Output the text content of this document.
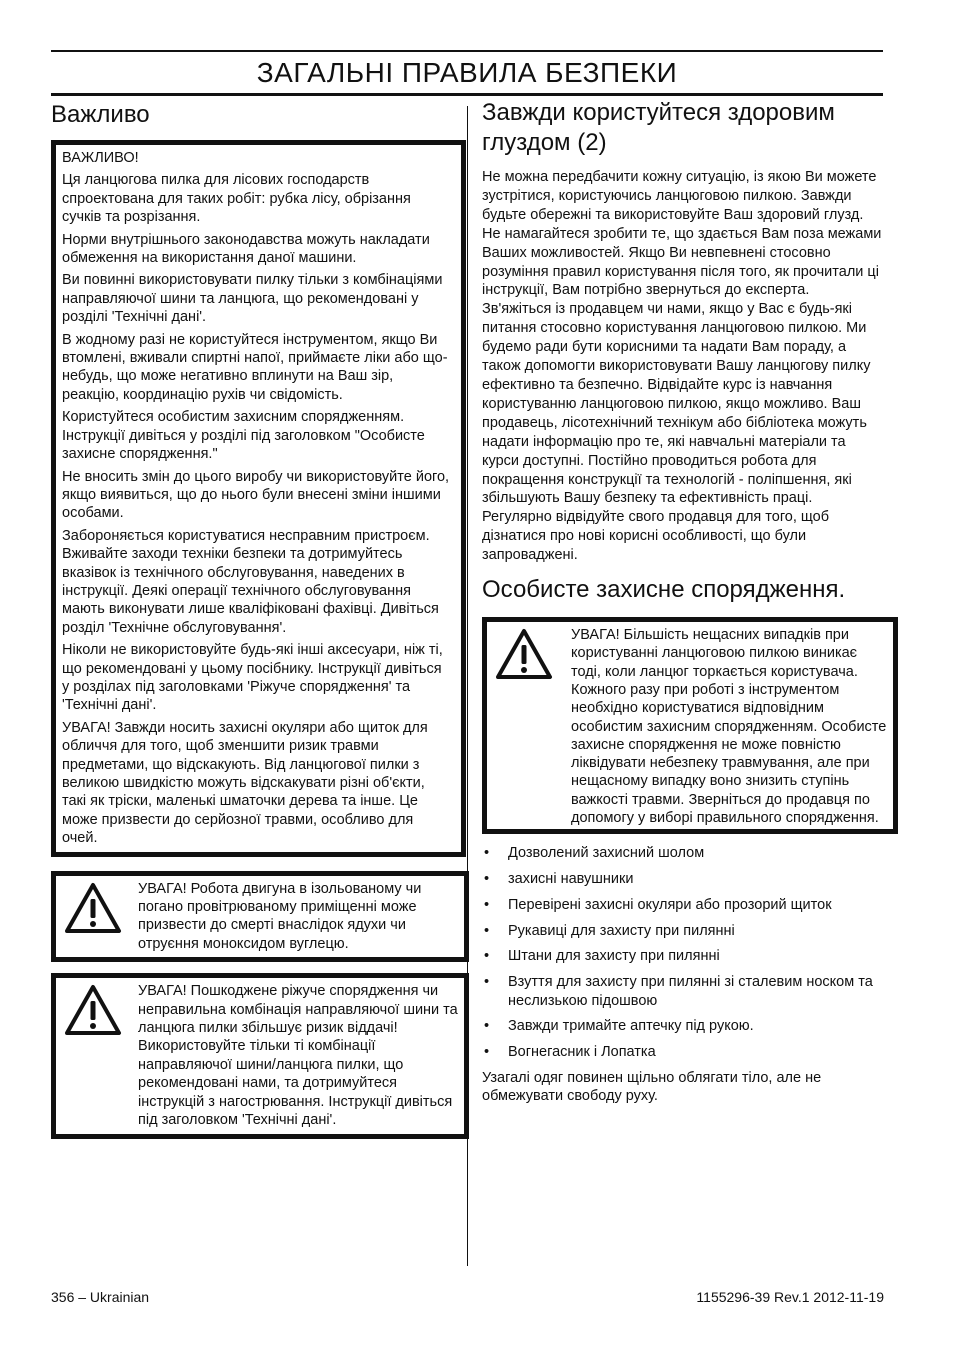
ЗАГАЛЬНІ ПРАВИЛА БЕЗПЕКИ
Важливо

ВАЖЛИВО!

Ця ланцюгова пилка для лісових господарств спроектована для таких робіт: рубка лісу, обрізання сучків та розрізання.

Норми внутрішнього законодавства можуть накладати обмеження на використання даної машини.

Ви повинні використовувати пилку тільки з комбінаціями направляючої шини та ланцюга, що рекомендовані у розділі 'Технічні дані'.

В жодному разі не користуйтеся інструментом, якщо Ви втомлені, вживали спиртні напої, приймаєте ліки або що-небудь, що може негативно вплинути на Ваш зір, реакцію, координацію рухів чи свідомість.

Користуйтеся особистим захисним спорядженням. Інструкції дивіться у розділі під заголовком "Особисте захисне спорядження."

Не вносить змін до цього виробу чи використовуйте його, якщо виявиться, що до нього були внесені зміни іншими особами.

Забороняється користуватися несправним пристроєм. Вживайте заходи техніки безпеки та дотримуйтесь вказівок із технічного обслуговування, наведених в інструкції. Деякі операції технічного обслуговування мають виконувати лише кваліфіковані фахівці. Дивіться розділ 'Технічне обслуговування'.

Ніколи не використовуйте будь-які інші аксесуари, ніж ті, що рекомендовані у цьому посібнику. Інструкції дивіться у розділах під заголовками 'Ріжуче спорядження' та 'Технічні дані'.

УВАГА! Завжди носить захисні окуляри або щиток для обличчя для того, щоб зменшити ризик травми предметами, що відскакують. Від ланцюгової пилки з великою швидкістю можуть відскакувати різні об'єкти, такі як тріски, маленькі шматочки дерева та інше. Це може призвести до серйозної травми, особливо для очей.

УВАГА! Робота двигуна в ізольованому чи погано провітрюваному приміщенні може призвести до смерті внаслідок ядухи чи отруєння моноксидом вуглецю.
УВАГА! Пошкоджене ріжуче спорядження чи неправильна комбінація направляючої шини та ланцюга пилки збільшує ризик віддачі! Використовуйте тільки ті комбінації направляючої шини/ланцюга пилки, що рекомендовані нами, та дотримуйтеся інструкцій з нагострювання. Інструкції дивіться під заголовком 'Технічні дані'.
Завжди користуйтеся здоровим глуздом (2)

Не можна передбачити кожну ситуацію, із якою Ви можете зустрітися, користуючись ланцюговою пилкою. Завжди будьте обережні та використовуйте Ваш здоровий глузд. Не намагайтеся зробити те, що здається Вам поза межами Ваших можливостей. Якщо Ви невпевнені стосовно розуміння правил користування після того, як прочитали ці інструкції, Вам потрібно звернуться до експерта. Зв'яжіться із продавцем чи нами, якщо у Вас є будь-які питання стосовно користування ланцюговою пилкою. Ми будемо ради бути корисними та надати Вам пораду, а також допомогти використовувати Вашу ланцюгову пилку ефективно та безпечно. Відвідайте курс із навчання користуванню ланцюговою пилкою, якщо можливо. Ваш продавець, лісотехнічний технікум або бібліотека можуть надати інформацію про те, які навчальні матеріали та курси доступні. Постійно проводиться робота для покращення конструкції та технологій - поліпшення, які збільшують Вашу безпеку та ефективність праці. Регулярно відвідуйте свого продавця для того, щоб дізнатися про нові корисні особливості, що були запроваджені.

Особисте захисне спорядження.
УВАГА! Більшість нещасних випадків при користуванні ланцюговою пилкою виникає тоді, коли ланцюг торкається користувача. Кожного разу при роботі з інструментом необхідно користуватися відповідним особистим захисним спорядженням. Особисте захисне спорядження не може повністю ліквідувати небезпеку травмування, але при нещасному випадку воно знизить ступінь важкості травми. Зверніться до продавця по допомогу у виборі правильного спорядження.
• Дозволений захисний шолом
• захисні навушники
• Перевірені захисні окуляри або прозорий щиток
• Рукавиці для захисту при пилянні
• Штани для захисту при пилянні
• Взуття для захисту при пилянні зі сталевим носком та неслизькою підошвою
• Завжди тримайте аптечку під рукою.
• Вогнегасник і Лопатка

Узагалі одяг повинен щільно облягати тіло, але не обмежувати свободу руху.

356 – Ukrainian	1155296-39 Rev.1 2012-11-19
